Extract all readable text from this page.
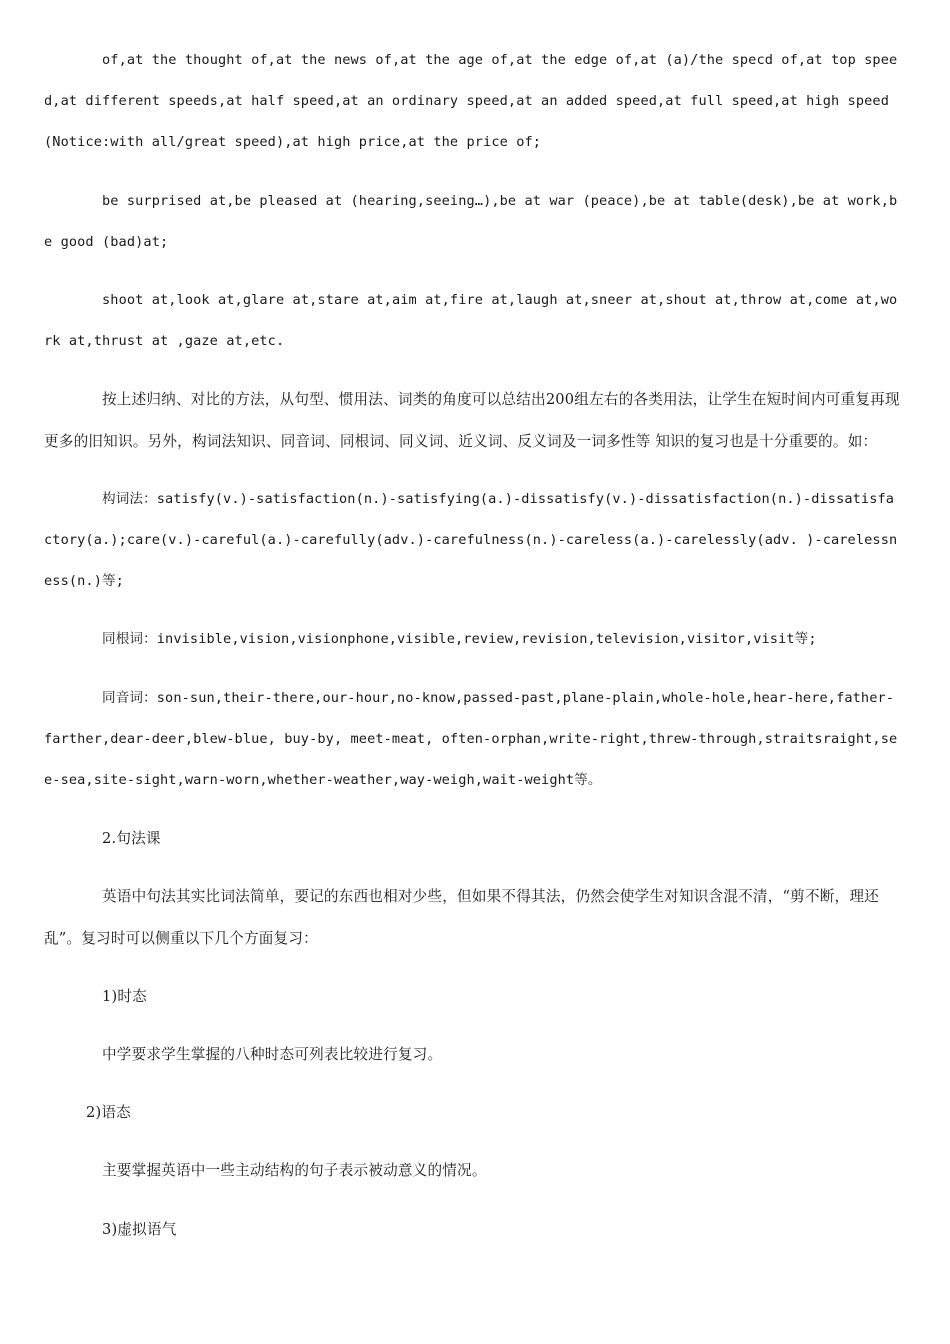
of,at the thought of,at the news of,at the age of,at the edge of,at (a)/the specd of,at top speed,at different speeds,at half speed,at an ordinary speed,at an added speed,at full speed,at high speed (Notice:with all/great speed),at high price,at the price of;

be surprised at,be pleased at (hearing,seeing…),be at war (peace),be at table(desk),be at work,be good (bad)at;

shoot at,look at,glare at,stare at,aim at,fire at,laugh at,sneer at,shout at,throw at,come at,work at,thrust at ,gaze at,etc.

按上述归纳、对比的方法，从句型、惯用法、词类的角度可以总结出200组左右的各类用法，让学生在短时间内可重复再现更多的旧知识。另外，构词法知识、同音词、同根词、同义词、近义词、反义词及一词多性等 知识的复习也是十分重要的。如：

构词法：satisfy(v.)-satisfaction(n.)-satisfying(a.)-dissatisfy(v.)-dissatisfaction(n.)-dissatisfactory(a.);care(v.)-careful(a.)-carefully(adv.)-carefulness(n.)-careless(a.)-carelessly(adv. )-carelessness(n.)等;

同根词：invisible,vision,visionphone,visible,review,revision,television,visitor,visit等;

同音词：son-sun,their-there,our-hour,no-know,passed-past,plane-plain,whole-hole,hear-here,father-farther,dear-deer,blew-blue, buy-by, meet-meat, often-orphan,write-right,threw-through,straitsraight,see-sea,site-sight,warn-worn,whether-weather,way-weigh,wait-weight等。

2.句法课

英语中句法其实比词法简单，要记的东西也相对少些，但如果不得其法，仍然会使学生对知识含混不清，“剪不断，理还乱”。复习时可以侧重以下几个方面复习：

1)时态

中学要求学生掌握的八种时态可列表比较进行复习。

2)语态

主要掌握英语中一些主动结构的句子表示被动意义的情况。

3)虚拟语气
